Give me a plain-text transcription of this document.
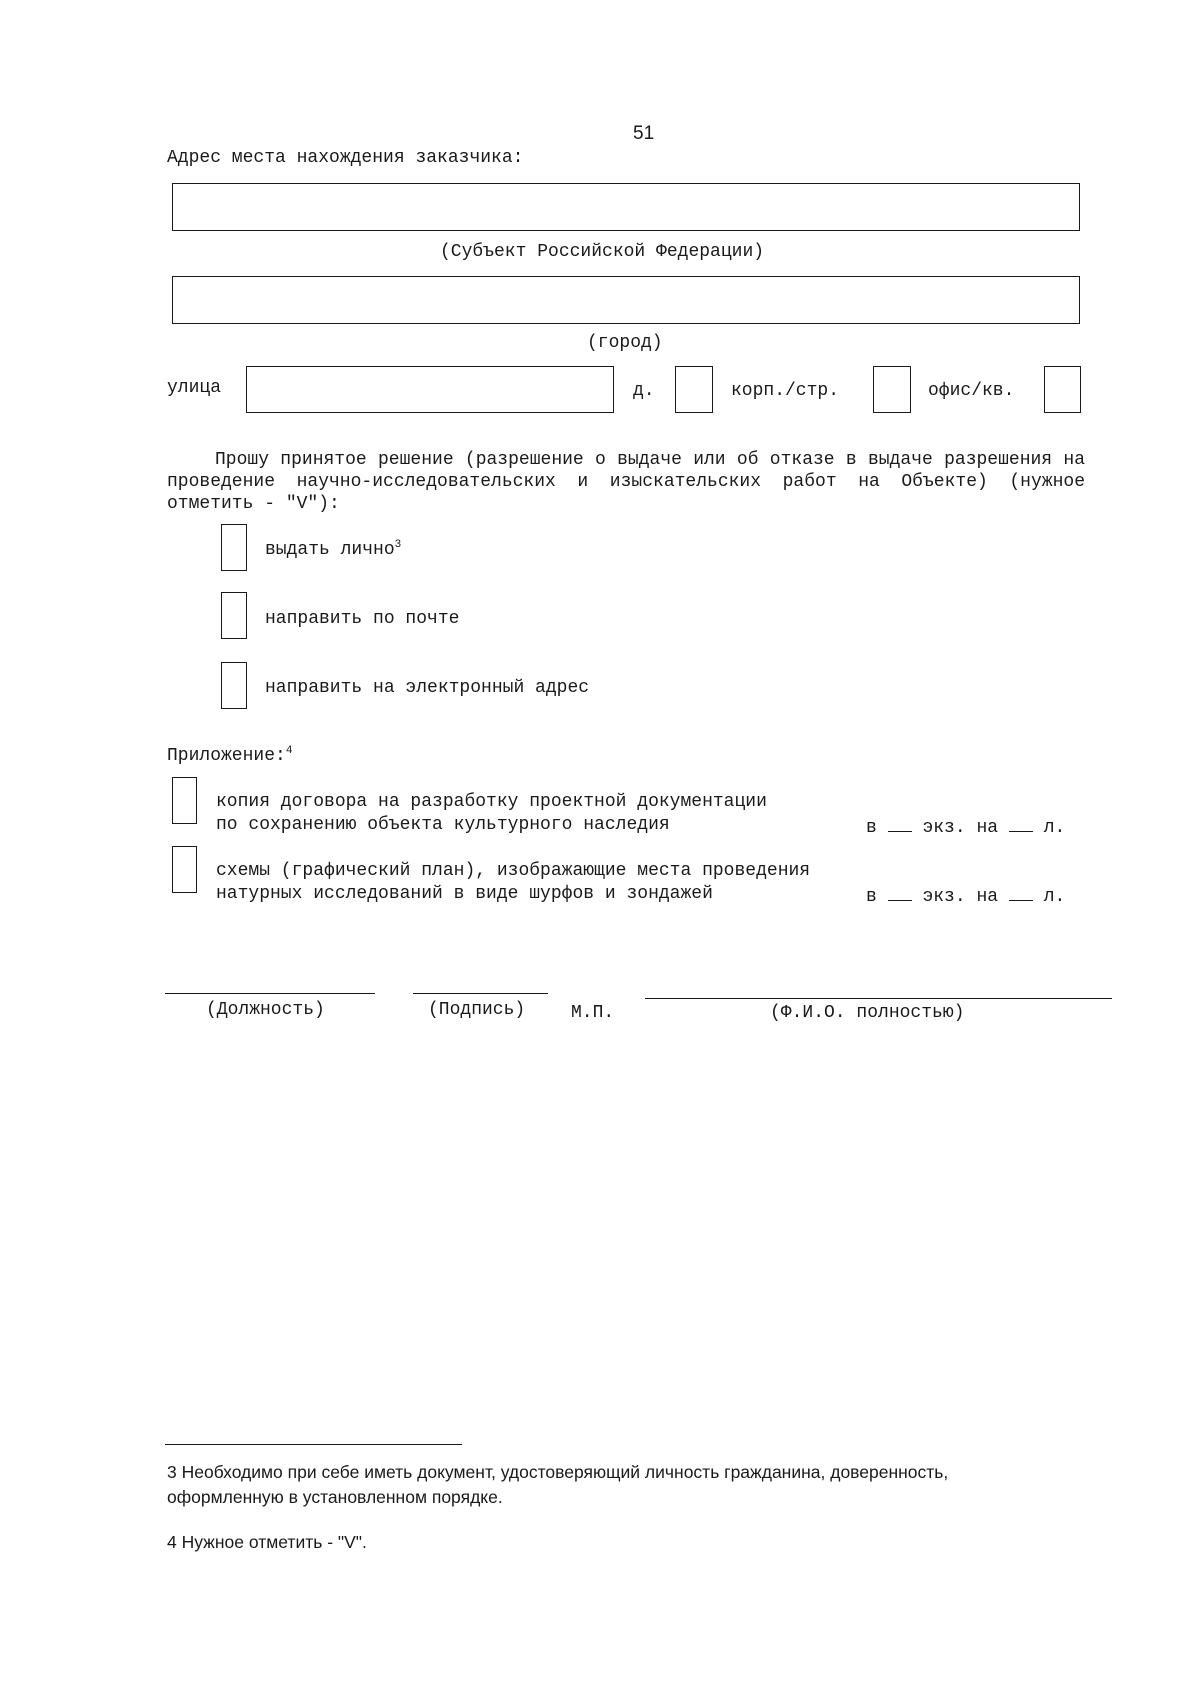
51
Адрес места нахождения заказчика:
(Субъект Российской Федерации)
(город)
улица	д.	корп./стр.	офис/кв.
Прошу принятое решение (разрешение о выдаче или об отказе в выдаче разрешения на проведение научно-исследовательских и изыскательских работ на Объекте) (нужное отметить - "V"):
выдать лично$^3$
направить по почте
направить на электронный адрес
Приложение:$^4$
копия договора на разработку проектной документации
по сохранению объекта культурного наследия	в	экз. на	л.
схемы (графический план), изображающие места проведения
натурных исследований в виде шурфов и зондажей	в	экз. на	л.
(Должность)	(Подпись)	М.П.	(Ф.И.О. полностью)
3 Необходимо при себе иметь документ, удостоверяющий личность гражданина, доверенность, оформленную в установленном порядке.
4 Нужное отметить - "V".
